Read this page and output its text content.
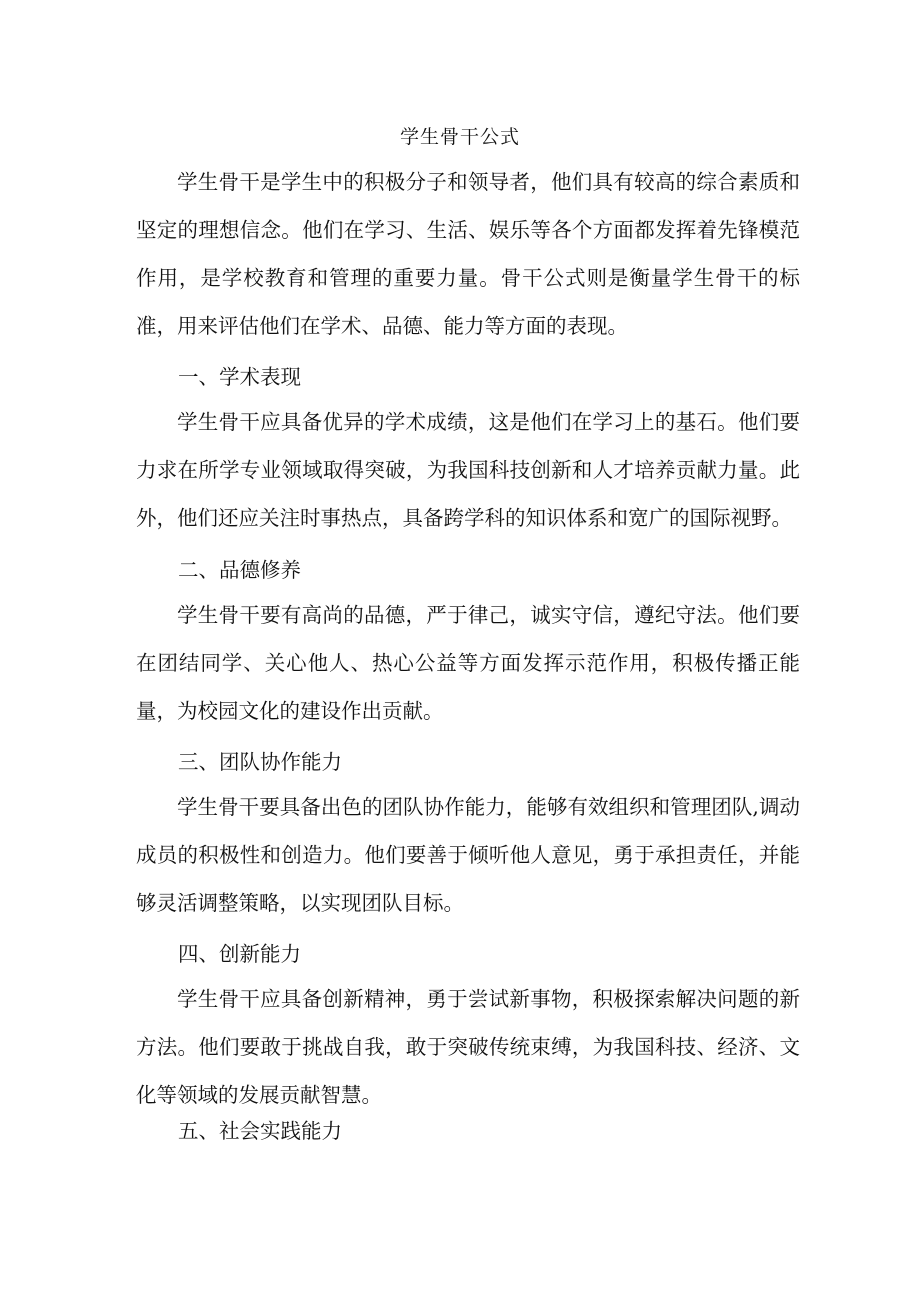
学生骨干公式

学生骨干是学生中的积极分子和领导者，他们具有较高的综合素质和坚定的理想信念。他们在学习、生活、娱乐等各个方面都发挥着先锋模范作用，是学校教育和管理的重要力量。骨干公式则是衡量学生骨干的标准，用来评估他们在学术、品德、能力等方面的表现。

一、学术表现

学生骨干应具备优异的学术成绩，这是他们在学习上的基石。他们要力求在所学专业领域取得突破，为我国科技创新和人才培养贡献力量。此外，他们还应关注时事热点，具备跨学科的知识体系和宽广的国际视野。

二、品德修养

学生骨干要有高尚的品德，严于律己，诚实守信，遵纪守法。他们要在团结同学、关心他人、热心公益等方面发挥示范作用，积极传播正能量，为校园文化的建设作出贡献。

三、团队协作能力

学生骨干要具备出色的团队协作能力，能够有效组织和管理团队,调动成员的积极性和创造力。他们要善于倾听他人意见，勇于承担责任，并能够灵活调整策略，以实现团队目标。

四、创新能力

学生骨干应具备创新精神，勇于尝试新事物，积极探索解决问题的新方法。他们要敢于挑战自我，敢于突破传统束缚，为我国科技、经济、文化等领域的发展贡献智慧。

五、社会实践能力
